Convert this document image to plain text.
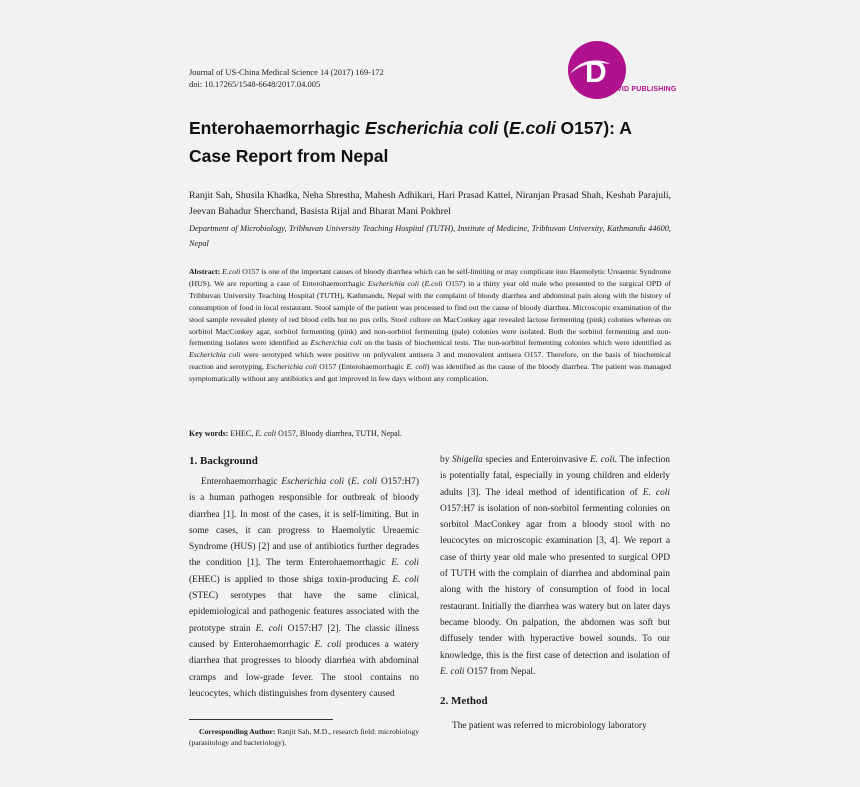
Journal of US-China Medical Science 14 (2017) 169-172
doi: 10.17265/1548-6648/2017.04.005	D
DAVID PUBLISHING
Enterohaemorrhagic Escherichia coli (E.coli O157): A
Case Report from Nepal
Ranjit Sah, Shusila Khadka, Neha Shrestha, Mahesh Adhikari, Hari Prasad Kattel, Niranjan Prasad Shah, Keshab Parajuli, Jeevan Bahadur Sherchand, Basista Rijal and Bharat Mani Pokhrel
Department of Microbiology, Tribhuvan University Teaching Hospital (TUTH), Institute of Medicine, Tribhuvan University, Kathmandu 44600, Nepal
Abstract: E.coli O157 is one of the important causes of bloody diarrhea which can be self-limiting or may complicate into Haemolytic Ureaemic Syndrome (HUS). We are reporting a case of Enterohaemorrhagic Escherichia coli (E.coli O157) in a thirty year old male who presented to the surgical OPD of Tribhuvan University Teaching Hospital (TUTH), Kathmandu, Nepal with the complaint of bloody diarrhea and abdominal pain along with the history of consumption of food in local restaurant. Stool sample of the patient was processed to find out the cause of bloody diarrhea. Microscopic examination of the stool sample revealed plenty of red blood cells but no pus cells. Stool culture on MacConkey agar revealed lactose fermenting (pink) colonies whereas on sorbitol MacConkey agar, sorbitol fermenting (pink) and non-sorbitol fermenting (pale) colonies were isolated. Both the sorbitol fermenting and non-fermenting isolates were identified as Escherichia coli on the basis of biochemical tests. The non-sorbitol fermenting colonies which were identified as Escherichia coli were serotyped which were positive on polyvalent antisera 3 and monovalent antisera O157. Therefore, on the basis of biochemical reaction and serotyping, Escherichia coli O157 (Enterohaemorrhagic E. coli) was identified as the cause of the bloody diarrhea. The patient was managed symptomatically without any antibiotics and got improved in few days without any complication.
Key words: EHEC, E. coli O157, Bloody diarrhea, TUTH, Nepal.
1. Background

Enterohaemorrhagic Escherichia coli (E. coli O157:H7) is a human pathogen responsible for outbreak of bloody diarrhea [1]. In most of the cases, it is self-limiting. But in some cases, it can progress to Haemolytic Ureaemic Syndrome (HUS) [2] and use of antibiotics further degrades the condition [1]. The term Enterohaemorrhagic E. coli (EHEC) is applied to those shiga toxin-producing E. coli (STEC) serotypes that have the same clinical, epidemiological and pathogenic features associated with the prototype strain E. coli O157:H7 [2]. The classic illness caused by Enterohaemorrhagic E. coli produces a watery diarrhea that progresses to bloody diarrhea with abdominal cramps and low-grade fever. The stool contains no leucocytes, which distinguishes from dysentery caused

by Shigella species and Enteroinvasive E. coli. The infection is potentially fatal, especially in young children and elderly adults [3]. The ideal method of identification of E. coli O157:H7 is isolation of non-sorbitol fermenting colonies on sorbitol MacConkey agar from a bloody stool with no leucocytes on microscopic examination [3, 4]. We report a case of thirty year old male who presented to surgical OPD of TUTH with the complain of diarrhea and abdominal pain along with the history of consumption of food in local restaurant. Initially the diarrhea was watery but on later days became bloody. On palpation, the abdomen was soft but diffusely tender with hyperactive bowel sounds. To our knowledge, this is the first case of detection and isolation of E. coli O157 from Nepal.

2. Method

The patient was referred to microbiology laboratory

Corresponding Author: Ranjit Sah, M.D., research field: microbiology (parasitology and bacteriology).
